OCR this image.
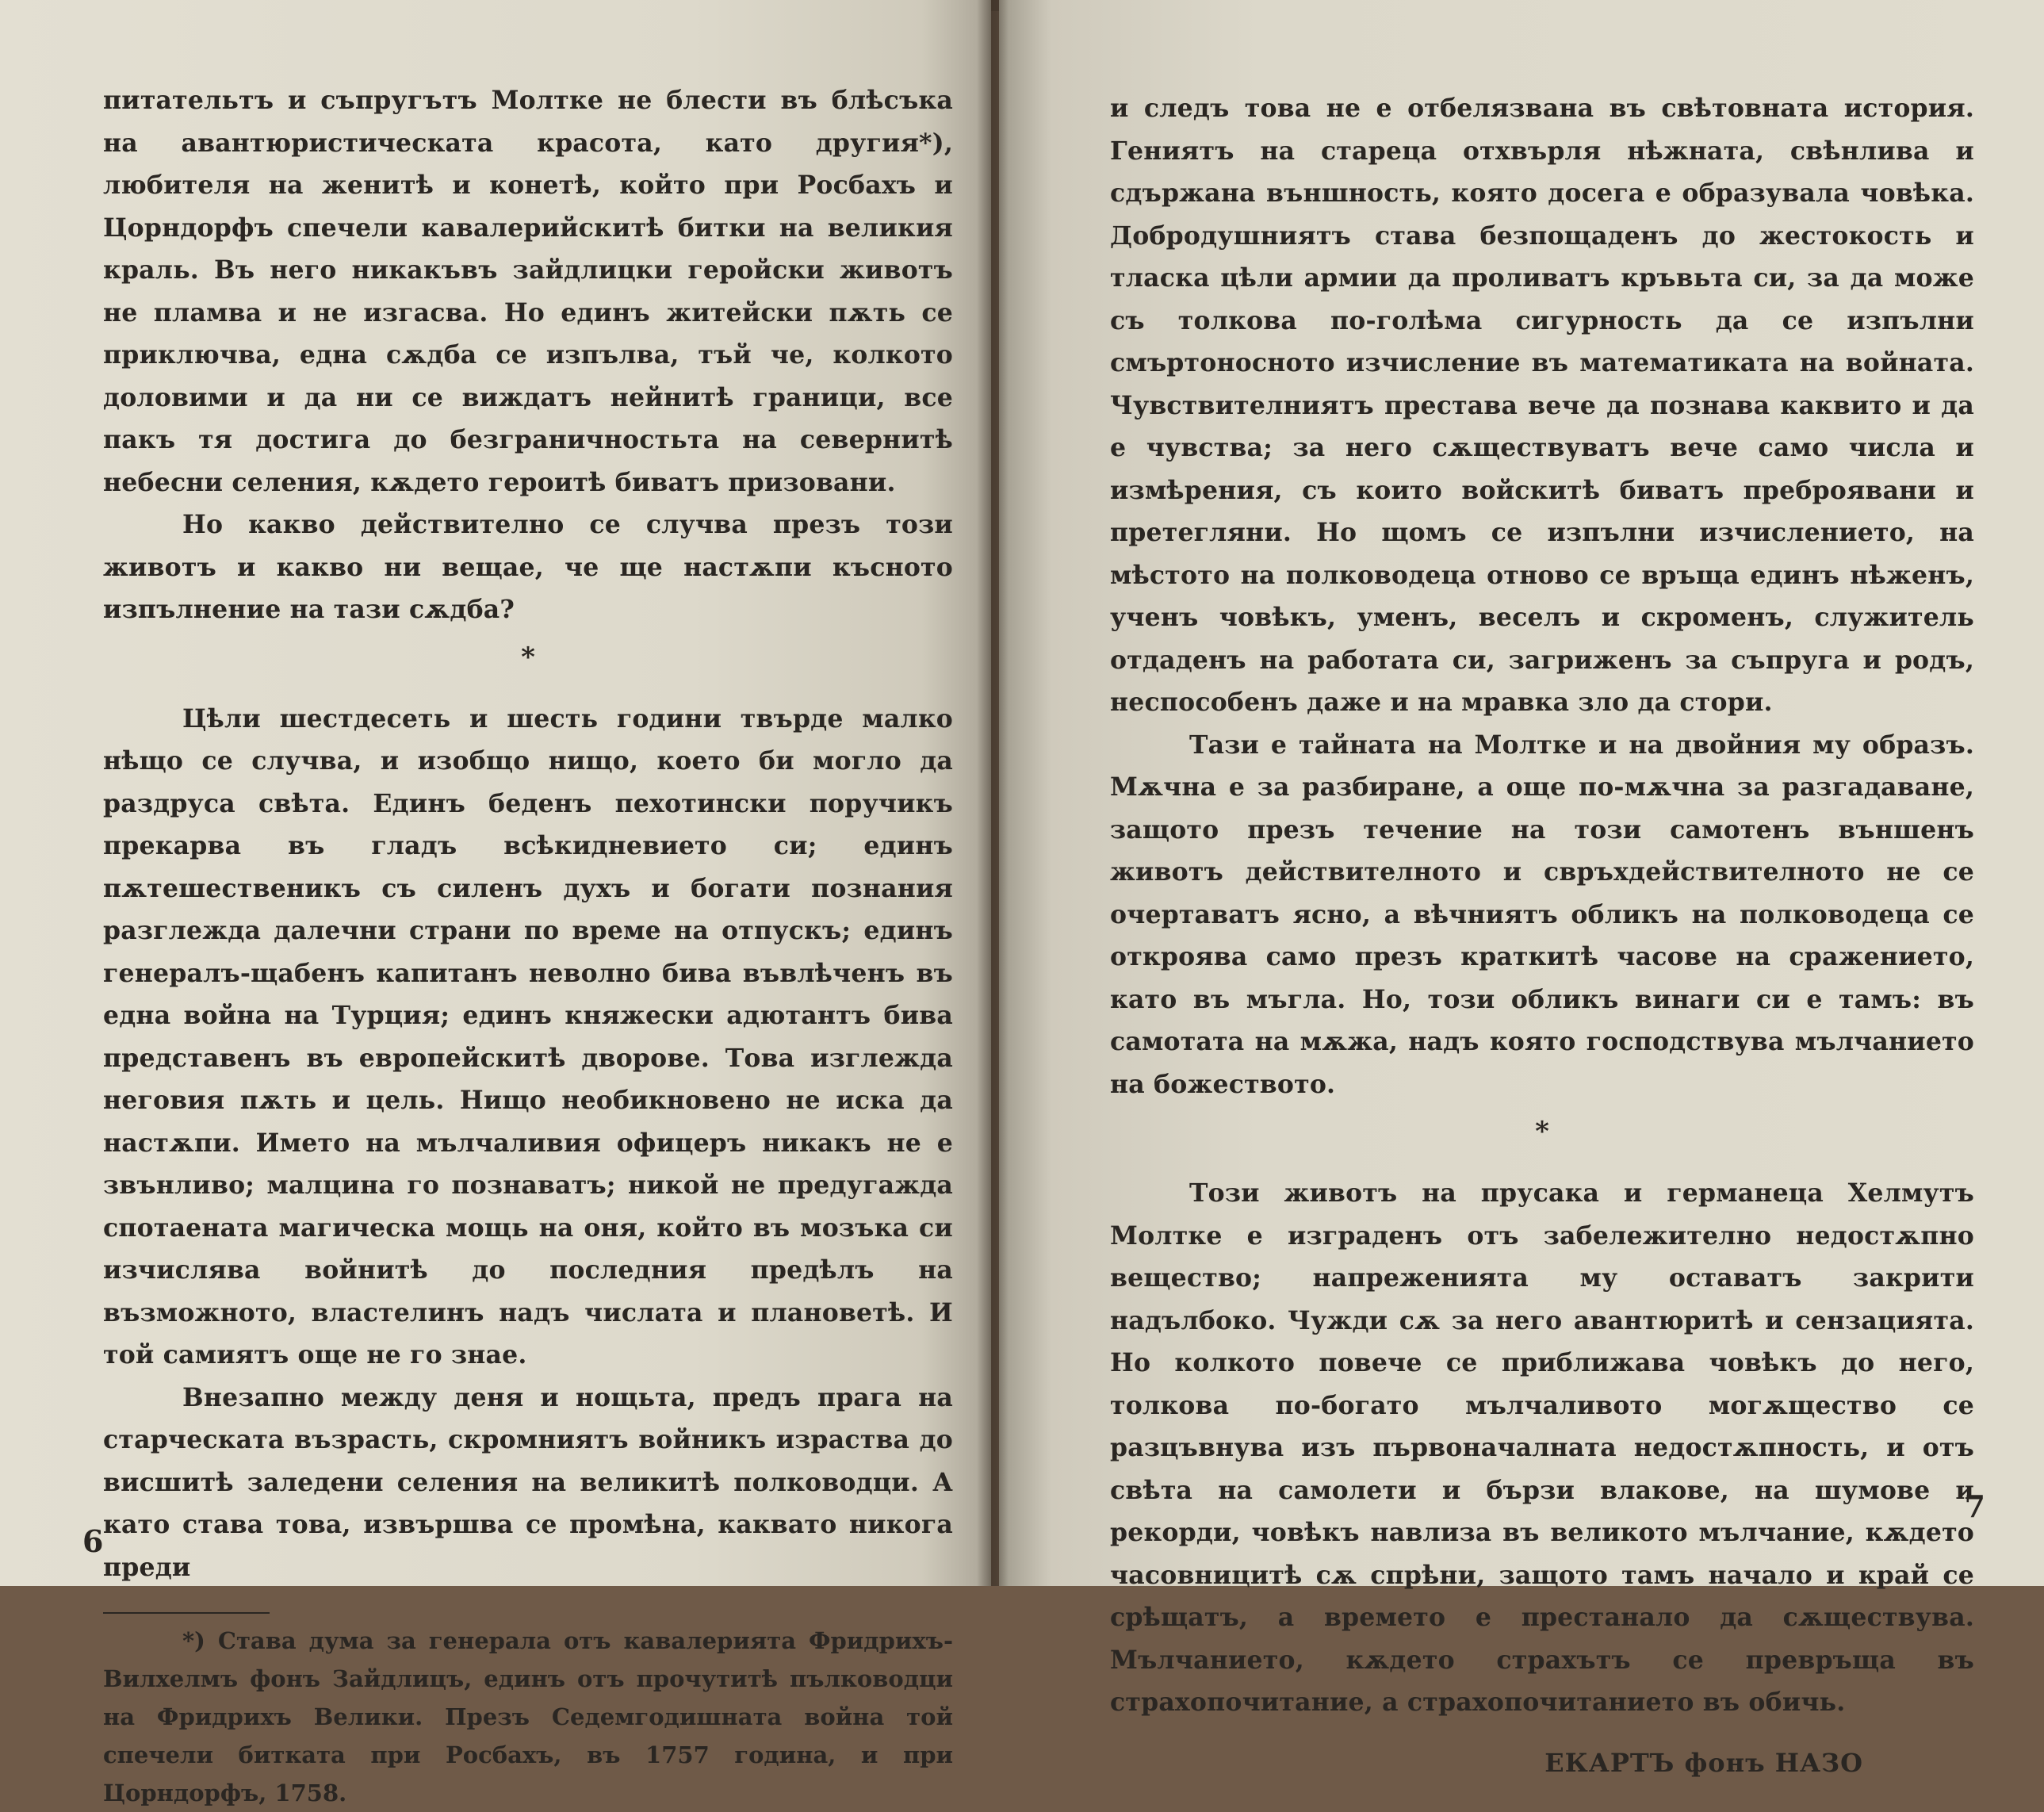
питательтъ и съпругътъ Молтке не блести въ блѣсъка на авантюристическата красота, като другия*), любителя на женитѣ и конетѣ, който при Росбахъ и Цорндорфъ спечели кавалерийскитѣ битки на великия краль. Въ него никакъвъ зайдлицки геройски животъ не пламва и не изгасва. Но единъ житейски пѫть се приключва, една сѫдба се изпълва, тъй че, колкото доловими и да ни се виждатъ нейнитѣ граници, все пакъ тя достига до безграничностьта на севернитѣ небесни селения, кѫдето героитѣ биватъ призовани.

Но какво действително се случва презъ този животъ и какво ни вещае, че ще настѫпи късното изпълнение на тази сѫдба?

*

Цѣли шестдесеть и шесть години твърде малко нѣщо се случва, и изобщо нищо, което би могло да раздруса свѣта. Единъ беденъ пехотински поручикъ прекарва въ гладъ всѣкидневието си; единъ пѫтешественикъ съ силенъ духъ и богати познания разглежда далечни страни по време на отпускъ; единъ генералъ-щабенъ капитанъ неволно бива въвлѣченъ въ една война на Турция; единъ княжески адютантъ бива представенъ въ европейскитѣ дворове. Това изглежда неговия пѫть и цель. Нищо необикновено не иска да настѫпи. Името на мълчаливия офицеръ никакъ не е звънливо; малцина го познаватъ; никой не предугажда спотаената магическа мощь на оня, който въ мозъка си изчислява войнитѣ до последния предѣлъ на възможното, властелинъ надъ числата и плановетѣ. И той самиятъ още не го знае.

Внезапно между деня и нощьта, предъ прага на старческата възрасть, скромниятъ войникъ израства до висшитѣ заледени селения на великитѣ полководци. А като става това, извършва се промѣна, каквато никога преди

*) Става дума за генерала отъ кавалерията Фридрихъ-Вилхелмъ фонъ Зайдлицъ, единъ отъ прочутитѣ пълководци на Фридрихъ Велики. Презъ Седемгодишната война той спечели битката при Росбахъ, въ 1757 година, и при Цорндорфъ, 1758.
6

и следъ това не е отбелязвана въ свѣтовната история. Гениятъ на стареца отхвърля нѣжната, свѣнлива и сдържана външность, която досега е образувала човѣка. Добродушниятъ става безпощаденъ до жестокость и тласка цѣли армии да проливатъ кръвьта си, за да може съ толкова по-голѣма сигурность да се изпълни смъртоносното изчисление въ математиката на войната. Чувствителниятъ престава вече да познава каквито и да е чувства; за него сѫществуватъ вече само числа и измѣрения, съ които войскитѣ биватъ преброявани и претегляни. Но щомъ се изпълни изчислението, на мѣстото на полководеца отново се връща единъ нѣженъ, ученъ човѣкъ, уменъ, веселъ и скроменъ, служитель отдаденъ на работата си, загриженъ за съпруга и родъ, неспособенъ даже и на мравка зло да стори.

Тази е тайната на Молтке и на двойния му образъ. Мѫчна е за разбиране, а още по-мѫчна за разгадаване, защото презъ течение на този самотенъ външенъ животъ действителното и свръхдействителното не се очертаватъ ясно, а вѣчниятъ обликъ на полководеца се откроява само презъ краткитѣ часове на сражението, като въ мъгла. Но, този обликъ винаги си е тамъ: въ самотата на мѫжа, надъ която господствува мълчанието на божеството.

*

Този животъ на прусака и германеца Хелмутъ Молтке е изграденъ отъ забележително недостѫпно вещество; напреженията му оставатъ закрити надълбоко. Чужди сѫ за него авантюритѣ и сензацията. Но колкото повече се приближава човѣкъ до него, толкова по-богато мълчаливото могѫщество се разцъвнува изъ първоначалната недостѫпность, и отъ свѣта на самолети и бързи влакове, на шумове и рекорди, човѣкъ навлиза въ великото мълчание, кѫдето часовницитѣ сѫ спрѣни, защото тамъ начало и край се срѣщатъ, а времето е престанало да сѫществува. Мълчанието, кѫдето страхътъ се превръща въ страхопочитание, а страхопочитанието въ обичь.

ЕКАРТЪ фонъ НАЗО
7
